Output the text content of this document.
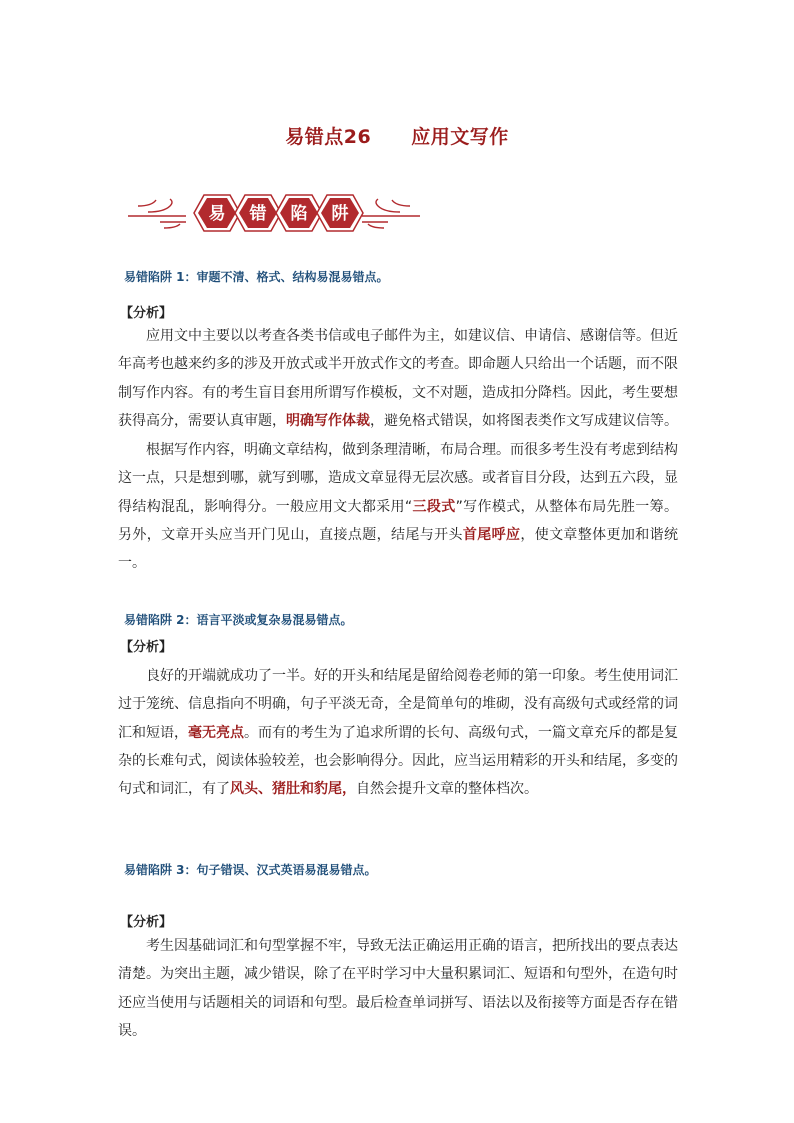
易错点26 应用文写作
易 错 陷 阱
易错陷阱 1：审题不清、格式、结构易混易错点。
【分析】

应用文中主要以以考查各类书信或电子邮件为主，如建议信、申请信、感谢信等。但近年高考也越来约多的涉及开放式或半开放式作文的考查。即命题人只给出一个话题，而不限制写作内容。有的考生盲目套用所谓写作模板，文不对题，造成扣分降档。因此，考生要想获得高分，需要认真审题，明确写作体裁，避免格式错误，如将图表类作文写成建议信等。

根据写作内容，明确文章结构，做到条理清晰，布局合理。而很多考生没有考虑到结构这一点，只是想到哪，就写到哪，造成文章显得无层次感。或者盲目分段，达到五六段，显得结构混乱，影响得分。一般应用文大都采用“三段式”写作模式，从整体布局先胜一筹。另外，文章开头应当开门见山，直接点题，结尾与开头首尾呼应，使文章整体更加和谐统一。

易错陷阱 2：语言平淡或复杂易混易错点。
【分析】

良好的开端就成功了一半。好的开头和结尾是留给阅卷老师的第一印象。考生使用词汇过于笼统、信息指向不明确，句子平淡无奇，全是简单句的堆砌，没有高级句式或经常的词汇和短语，毫无亮点。而有的考生为了追求所谓的长句、高级句式，一篇文章充斥的都是复杂的长难句式，阅读体验较差，也会影响得分。因此，应当运用精彩的开头和结尾，多变的句式和词汇，有了风头、猪肚和豹尾，自然会提升文章的整体档次。

易错陷阱 3：句子错误、汉式英语易混易错点。
【分析】

考生因基础词汇和句型掌握不牢，导致无法正确运用正确的语言，把所找出的要点表达清楚。为突出主题，减少错误，除了在平时学习中大量积累词汇、短语和句型外，在造句时还应当使用与话题相关的词语和句型。最后检查单词拼写、语法以及衔接等方面是否存在错误。
